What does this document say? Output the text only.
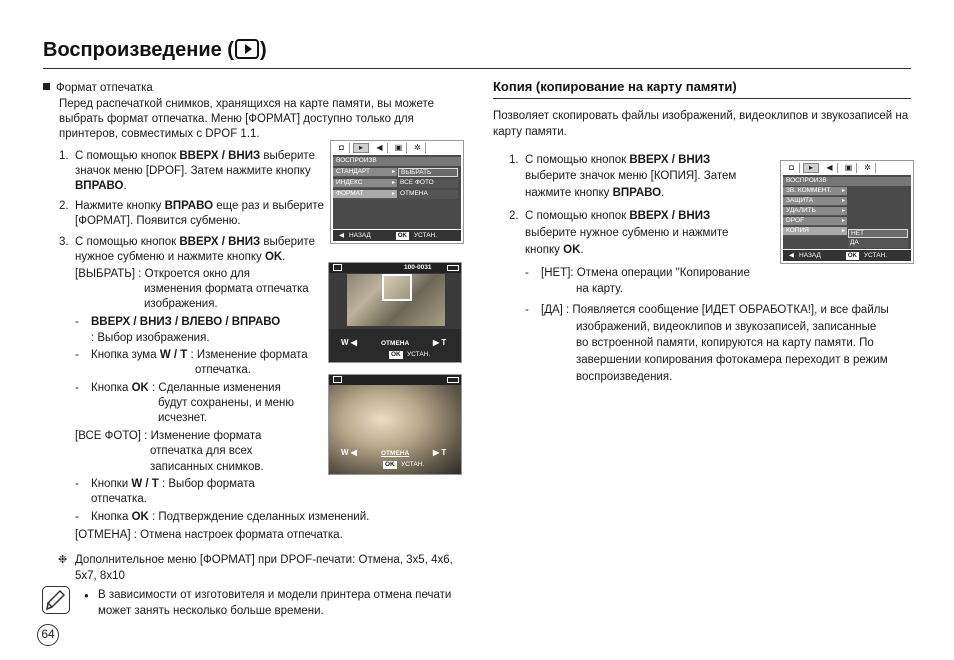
Воспроизведение ( )
Формат отпечатка
Перед распечаткой снимков, хранящихся на карте памяти, вы можете
выбрать формат отпечатка. Меню [ФОРМАТ] доступно только для
принтеров, совместимых с DPOF 1.1.
1. С помощью кнопок ВВЕРХ / ВНИЗ выберите
значок меню [DPOF]. Затем нажмите кнопку
ВПРАВО.
2. Нажмите кнопку ВПРАВО еще раз и выберите
[ФОРМАТ]. Появится субменю.
3. С помощью кнопок ВВЕРХ / ВНИЗ выберите
нужное субменю и нажмите кнопку OK.
[ВЫБРАТЬ] : Откроется окно для
изменения формата отпечатка
изображения.
- ВВЕРХ / ВНИЗ / ВЛЕВО / ВПРАВО
: Выбор изображения.
- Кнопка зума W / T : Изменение формата
отпечатка.
- Кнопка OK : Сделанные изменения
будут сохранены, и меню
исчезнет.
[ВСЕ ФОТО] : Изменение формата
отпечатка для всех
записанных снимков.
- Кнопки W / T : Выбор формата
отпечатка.
- Кнопка OK : Подтверждение сделанных изменений.
[ОТМЕНА] : Отмена настроек формата отпечатка.
❉ Дополнительное меню [ФОРМАТ] при DPOF-печати: Отмена, 3x5, 4x6,
5x7, 8x10
● В зависимости от изготовителя и модели принтера отмена печати
может занять несколько больше времени.
64
◘	▸	◀	▣	✲
ВОСПРОИЗВ
СТАНДАРТ	▸
ИНДЕКС	▸
ФОРМАТ	▸
ВЫБРАТЬ
ВСЕ ФОТО
ОТМЕНА
◀ НАЗАД	OK	УСТАН.
100-0031
W ◀	ОТМЕНА	▶ T
OK УСТАН.
W ◀	ОТМЕНА	▶ T
OK УСТАН.
Копия (копирование на карту памяти)
Позволяет скопировать файлы изображений, видеоклипов и звукозаписей на
карту памяти.
1. С помощью кнопок ВВЕРХ / ВНИЗ
выберите значок меню [КОПИЯ]. Затем
нажмите кнопку ВПРАВО.
2. С помощью кнопок ВВЕРХ / ВНИЗ
выберите нужное субменю и нажмите
кнопку OK.
- [НЕТ]: Отмена операции "Копирование
на карту.
- [ДА] : Появляется сообщение [ИДЕТ ОБРАБОТКА!], и все файлы
изображений, видеоклипов и звукозаписей, записанные
во встроенной памяти, копируются на карту памяти. По
завершении копирования фотокамера переходит в режим
воспроизведения.
◘	▸	◀	▣	✲
ВОСПРОИЗВ
ЗВ. КОММЕНТ. ▸
ЗАЩИТА	▸
УДАЛИТЬ	▸
DPOF	▸
КОПИЯ	▸ НЕТ
ДА
◀ НАЗАД	OK	УСТАН.
